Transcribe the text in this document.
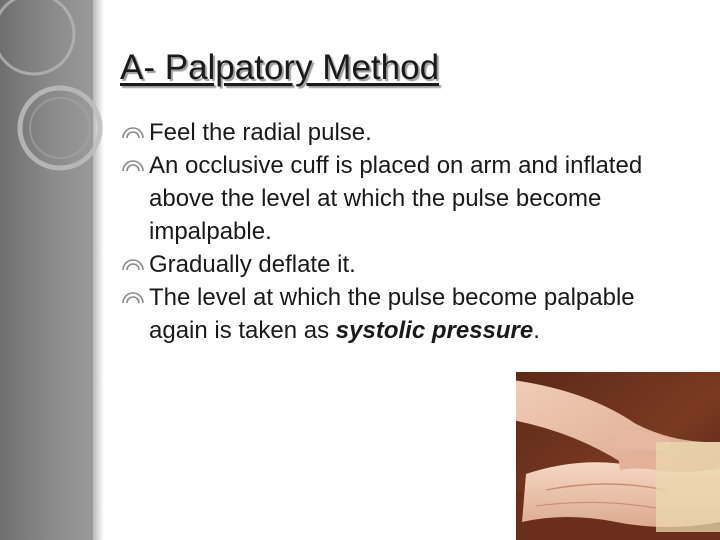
A- Palpatory Method
Feel the radial pulse.
An occlusive cuff is placed on arm and inflated above the level at which the pulse become impalpable.
Gradually deflate it.
The level at which the pulse become palpable again is taken as systolic pressure.
